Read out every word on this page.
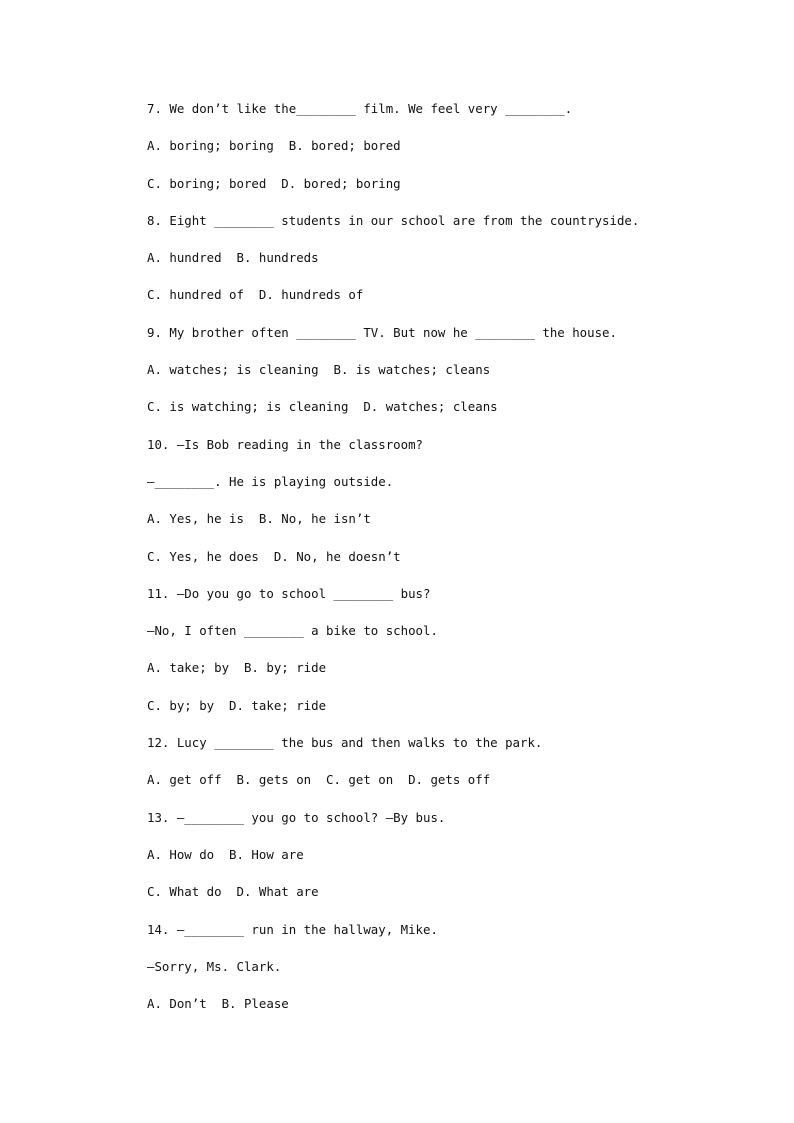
7. We don’t like the________ film. We feel very ________.
A. boring; boring  B. bored; bored
C. boring; bored  D. bored; boring
8. Eight ________ students in our school are from the countryside.
A. hundred  B. hundreds
C. hundred of  D. hundreds of
9. My brother often ________ TV. But now he ________ the house.
A. watches; is cleaning  B. is watches; cleans
C. is watching; is cleaning  D. watches; cleans
10. —Is Bob reading in the classroom?
—________. He is playing outside.
A. Yes, he is  B. No, he isn’t
C. Yes, he does  D. No, he doesn’t
11. —Do you go to school ________ bus?
—No, I often ________ a bike to school.
A. take; by  B. by; ride
C. by; by  D. take; ride
12. Lucy ________ the bus and then walks to the park.
A. get off  B. gets on  C. get on  D. gets off
13. —________ you go to school? —By bus.
A. How do  B. How are
C. What do  D. What are
14. —________ run in the hallway, Mike.
—Sorry, Ms. Clark.
A. Don’t  B. Please
